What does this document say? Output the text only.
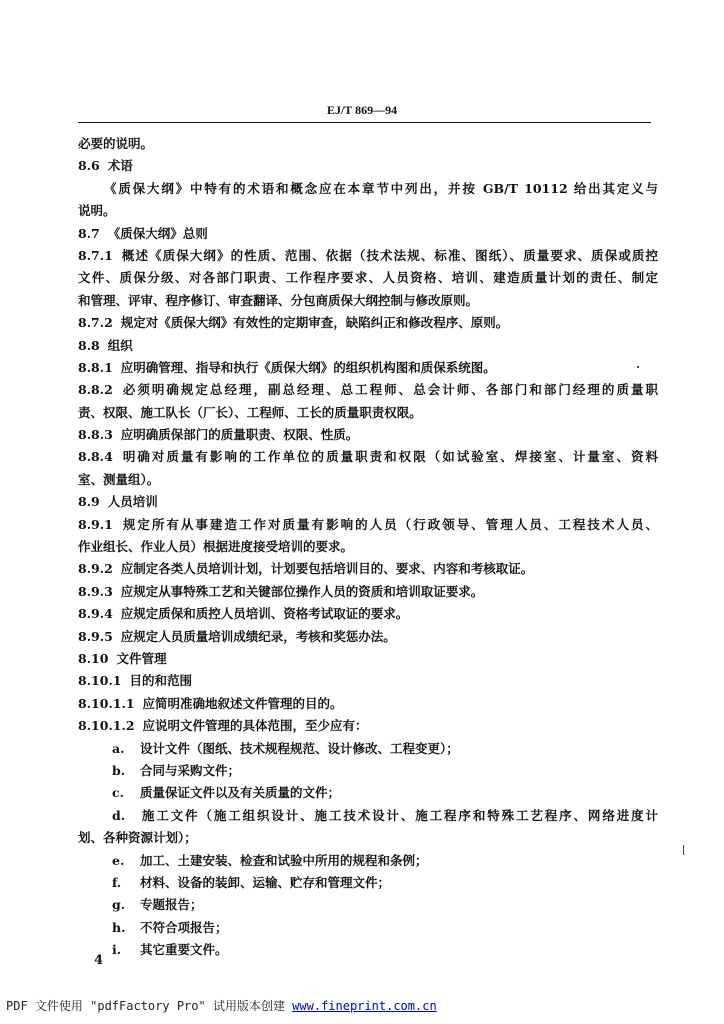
EJ/T 869—94
必要的说明。
8.6 术语
《质保大纲》中特有的术语和概念应在本章节中列出，并按 GB/T 10112 给出其定义与
说明。
8.7 《质保大纲》总则
8.7.1 概述《质保大纲》的性质、范围、依据（技术法规、标准、图纸）、质量要求、质保或质控
文件、质保分级、对各部门职责、工作程序要求、人员资格、培训、建造质量计划的责任、制定
和管理、评审、程序修订、审查翻译、分包商质保大纲控制与修改原则。
8.7.2 规定对《质保大纲》有效性的定期审查，缺陷纠正和修改程序、原则。
8.8 组织
8.8.1 应明确管理、指导和执行《质保大纲》的组织机构图和质保系统图。
8.8.2 必须明确规定总经理，副总经理、总工程师、总会计师、各部门和部门经理的质量职
责、权限、施工队长（厂长）、工程师、工长的质量职责权限。
8.8.3 应明确质保部门的质量职责、权限、性质。
8.8.4 明确对质量有影响的工作单位的质量职责和权限（如试验室、焊接室、计量室、资料
室、测量组）。
8.9 人员培训
8.9.1 规定所有从事建造工作对质量有影响的人员（行政领导、管理人员、工程技术人员、
作业组长、作业人员）根据进度接受培训的要求。
8.9.2 应制定各类人员培训计划，计划要包括培训目的、要求、内容和考核取证。
8.9.3 应规定从事特殊工艺和关键部位操作人员的资质和培训取证要求。
8.9.4 应规定质保和质控人员培训、资格考试取证的要求。
8.9.5 应规定人员质量培训成绩纪录，考核和奖惩办法。
8.10 文件管理
8.10.1 目的和范围
8.10.1.1 应简明准确地叙述文件管理的目的。
8.10.1.2 应说明文件管理的具体范围，至少应有：
a. 设计文件（图纸、技术规程规范、设计修改、工程变更）；
b. 合同与采购文件；
c. 质量保证文件以及有关质量的文件；
d. 施工文件（施工组织设计、施工技术设计、施工程序和特殊工艺程序、网络进度计
划、各种资源计划）；
e. 加工、土建安装、检查和试验中所用的规程和条例；
f. 材料、设备的装卸、运输、贮存和管理文件；
g. 专题报告；
h. 不符合项报告；
i. 其它重要文件。
4
PDF 文件使用 "pdfFactory Pro" 试用版本创建 www.fineprint.com.cn
